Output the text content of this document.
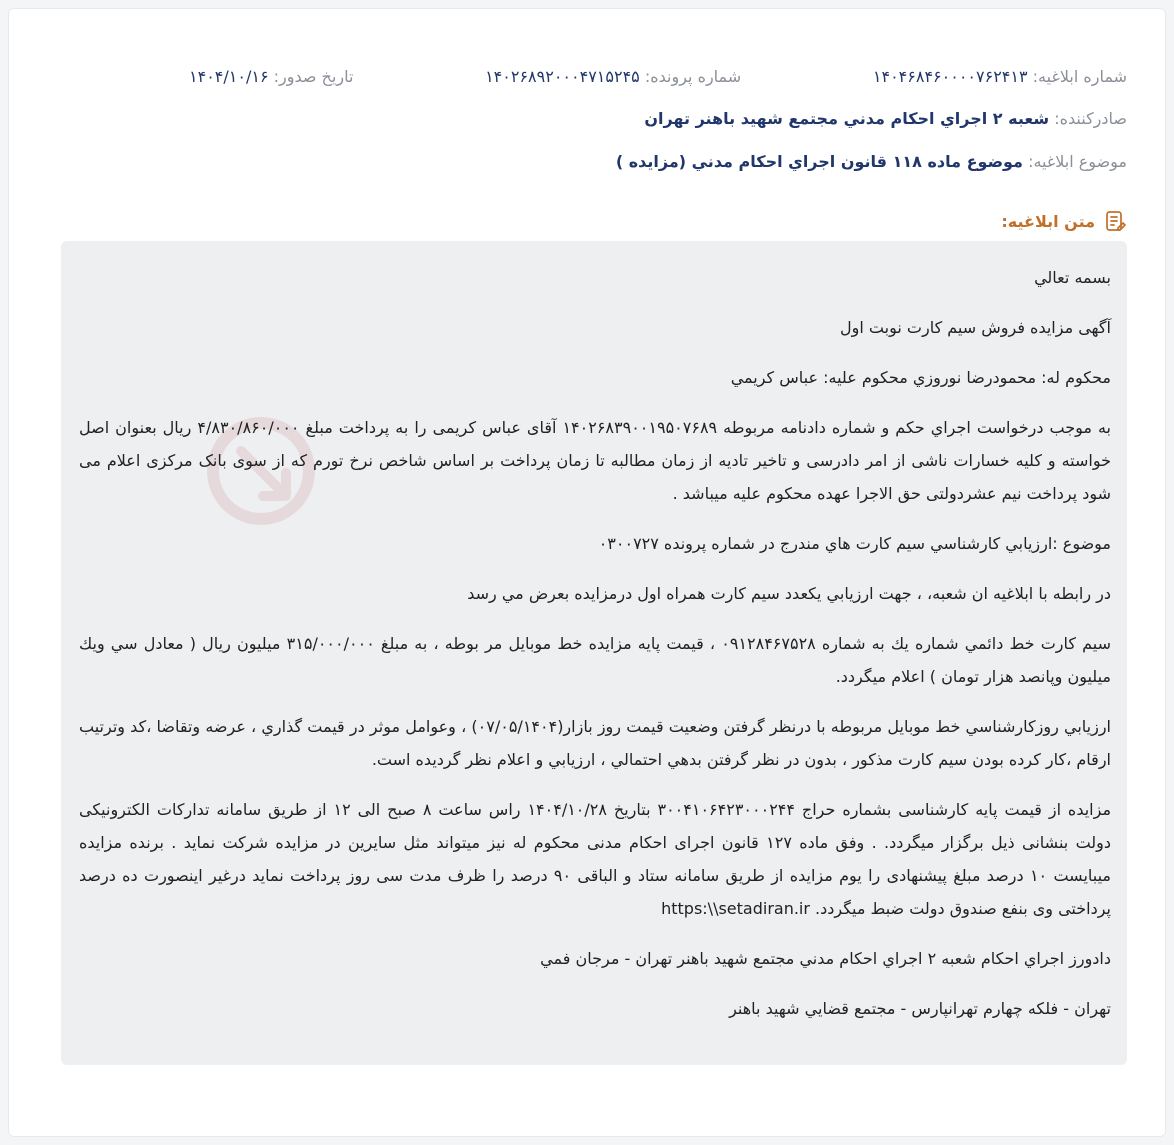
شماره ابلاغيه: ۱۴۰۴۶۸۴۶۰۰۰۰۷۶۲۴۱۳
شماره پرونده: ۱۴۰۲۶۸۹۲۰۰۰۴۷۱۵۲۴۵
تاريخ صدور: ۱۴۰۴/۱۰/۱۶
صادرکننده: شعبه ۲ اجراي احکام مدني مجتمع شهيد باهنر تهران
موضوع ابلاغيه: موضوع ماده ۱۱۸ قانون اجراي احكام مدني (مزايده )
متن ابلاغيه:

بسمه تعالي

آگهی مزایده فروش سیم کارت نوبت اول

محكوم له: محمودرضا نوروزي محكوم عليه: عباس كريمي

به موجب درخواست اجراي حكم و شماره دادنامه مربوطه ۱۴۰۲۶۸۳۹۰۰۱۹۵۰۷۶۸۹ آقای عباس کریمی را به پرداخت مبلغ ۴/۸۳۰/۸۶۰/۰۰۰ ریال بعنوان اصل خواسته و كليه خسارات ناشی از امر دادرسی و تاخیر تادیه از زمان مطالبه تا زمان پرداخت بر اساس شاخص نرخ تورم كه از سوی بانک مرکزی اعلام می شود پرداخت نیم عشردولتی حق الاجرا عهده محكوم عليه میباشد .

موضوع :ارزيابي كارشناسي سيم كارت هاي مندرج در شماره پرونده ۰۳۰۰۷۲۷

در رابطه با ابلاغيه ان شعبه، ، جهت ارزيابي يكعدد سيم كارت همراه اول درمزايده بعرض مي رسد

سيم كارت خط دائمي شماره يك به شماره ۰۹۱۲۸۴۶۷۵۲۸ ، قيمت پايه مزايده خط موبايل مر بوطه ، به مبلغ ۳۱۵/۰۰۰/۰۰۰ ميليون ريال ( معادل سي ويك ميليون وپانصد هزار تومان ) اعلام ميگردد.

ارزيابي روزكارشناسي خط موبايل مربوطه با درنظر گرفتن وضعيت قيمت روز بازار(۰۷/۰۵/۱۴۰۴) ، وعوامل موثر در قيمت گذاري ، عرضه وتقاضا ،كد وترتيب ارقام ،كار كرده بودن سيم كارت مذكور ، بدون در نظر گرفتن بدهي احتمالي ، ارزيابي و اعلام نظر گرديده است.

مزایده از قیمت پایه کارشناسی بشماره حراج ۳۰۰۴۱۰۶۴۲۳۰۰۰۲۴۴ بتاریخ ۱۴۰۴/۱۰/۲۸ راس ساعت ۸ صبح الی ۱۲ از طریق سامانه تدارکات الکترونیکی دولت بنشانی ذیل برگزار میگردد. . وفق ماده ۱۲۷ قانون اجرای احکام مدنی محکوم له نیز میتواند مثل سایرین در مزایده شرکت نماید . برنده مزایده میبایست ۱۰ درصد مبلغ پیشنهادی را یوم مزایده از طریق سامانه ستاد و الباقی ۹۰ درصد را ظرف مدت سی روز پرداخت نماید درغیر اینصورت ده درصد پرداختی وی بنفع صندوق دولت ضبط میگردد. https:\\setadiran.ir

دادورز اجراي احكام شعبه ۲ اجراي احكام مدني مجتمع شهيد باهنر تهران - مرجان فمي

تهران - فلكه چهارم تهرانپارس - مجتمع قضايي شهيد باهنر
